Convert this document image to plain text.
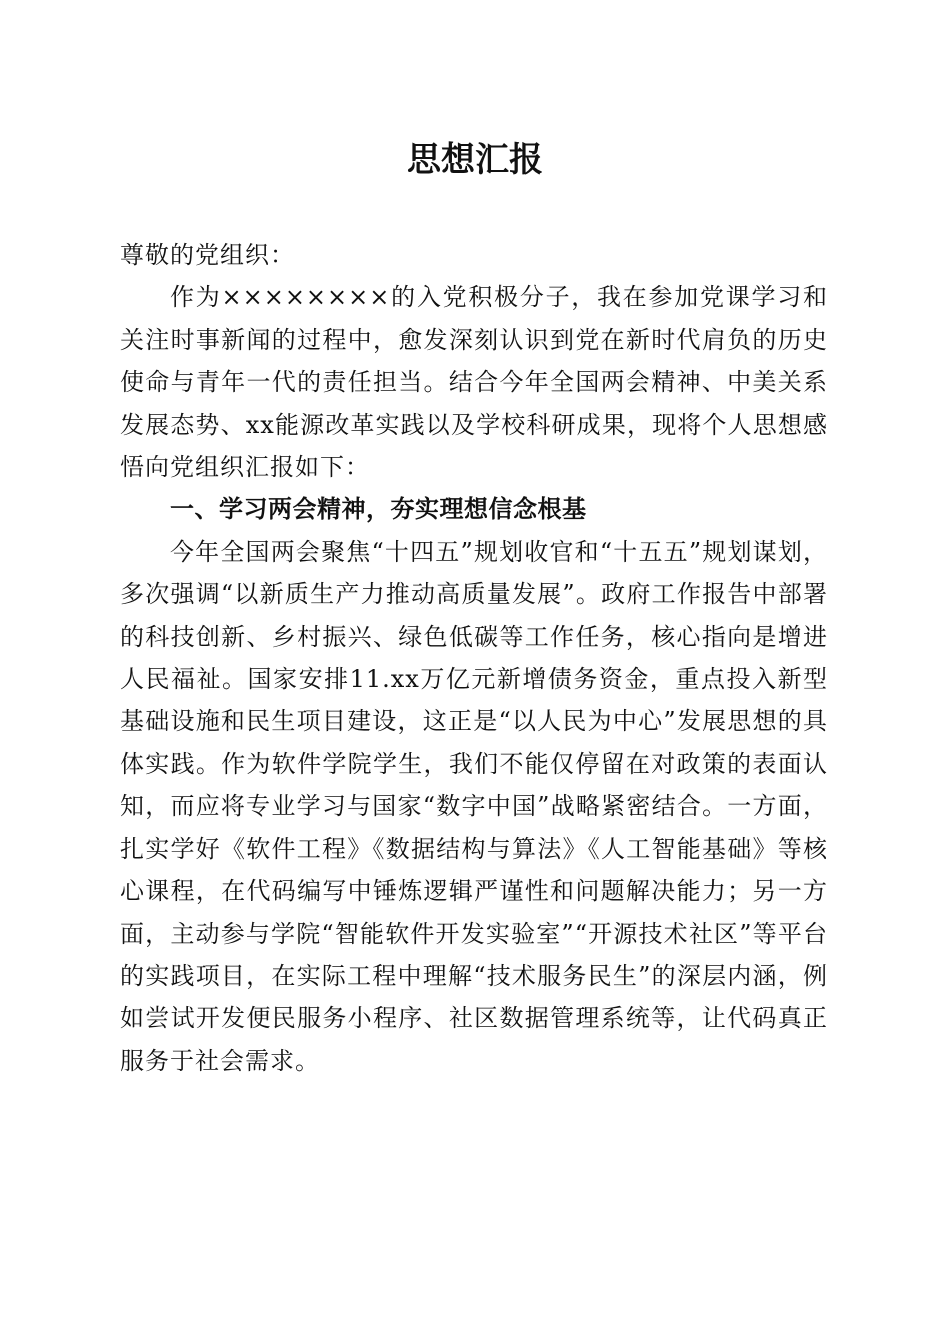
思想汇报

尊敬的党组织：

作为××××××××的入党积极分子，我在参加党课学习和关注时事新闻的过程中，愈发深刻认识到党在新时代肩负的历史使命与青年一代的责任担当。结合今年全国两会精神、中美关系发展态势、xx能源改革实践以及学校科研成果，现将个人思想感悟向党组织汇报如下：

一、学习两会精神，夯实理想信念根基

今年全国两会聚焦“十四五”规划收官和“十五五”规划谋划，多次强调“以新质生产力推动高质量发展”。政府工作报告中部署的科技创新、乡村振兴、绿色低碳等工作任务，核心指向是增进人民福祉。国家安排11.xx万亿元新增债务资金，重点投入新型基础设施和民生项目建设，这正是“以人民为中心”发展思想的具体实践。作为软件学院学生，我们不能仅停留在对政策的表面认知，而应将专业学习与国家“数字中国”战略紧密结合。一方面，扎实学好《软件工程》《数据结构与算法》《人工智能基础》等核心课程，在代码编写中锤炼逻辑严谨性和问题解决能力；另一方面，主动参与学院“智能软件开发实验室”“开源技术社区”等平台的实践项目，在实际工程中理解“技术服务民生”的深层内涵，例如尝试开发便民服务小程序、社区数据管理系统等，让代码真正服务于社会需求。
